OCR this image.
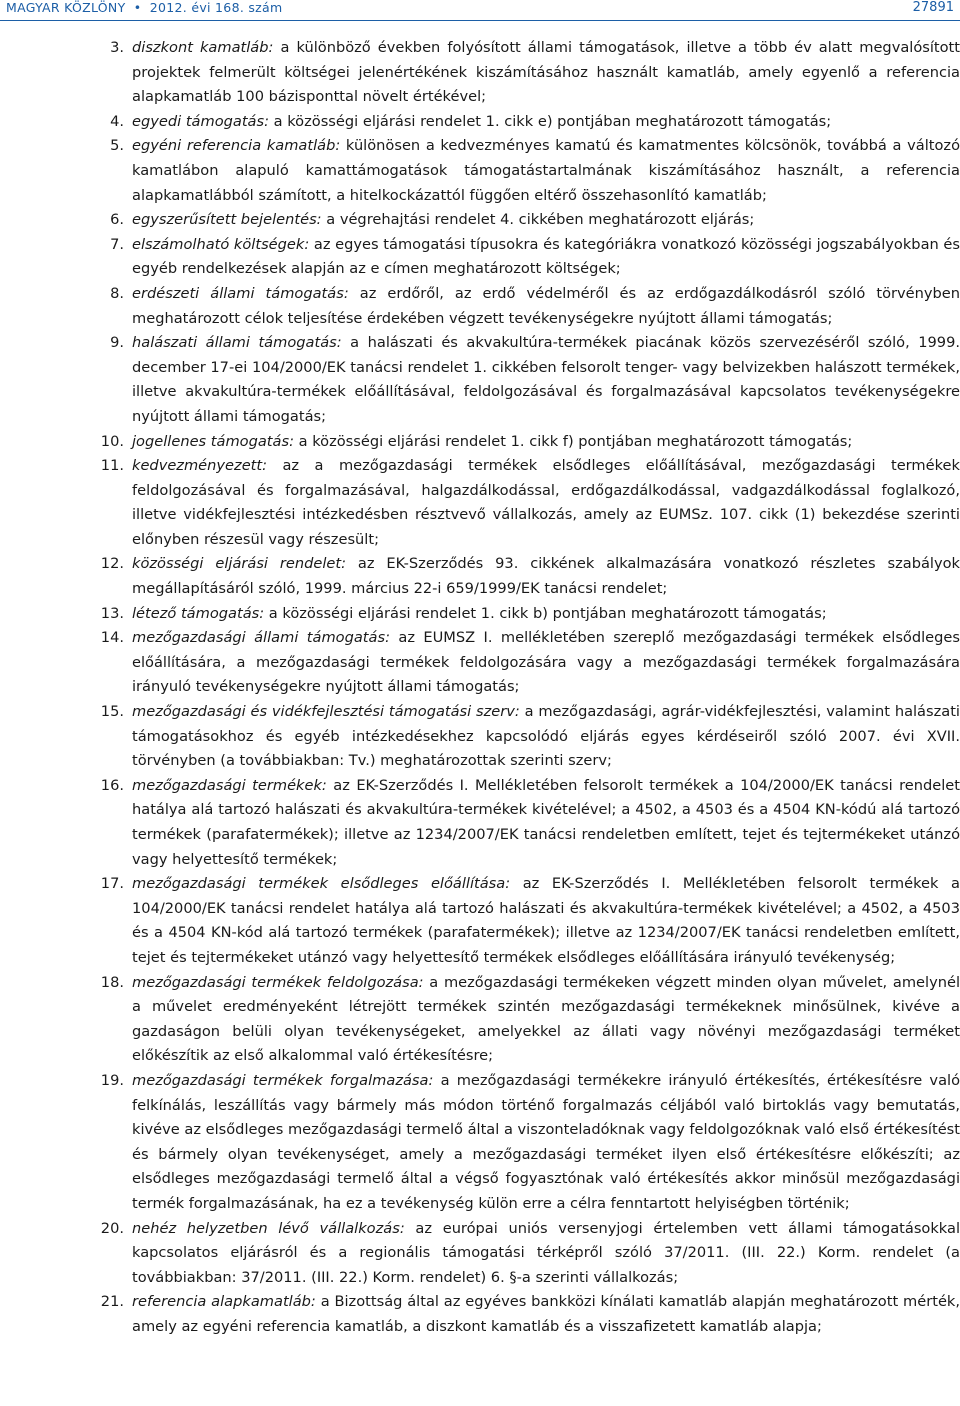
MAGYAR KÖZLÖNY • 2012. évi 168. szám	27891
3. diszkont kamatláb: a különböző években folyósított állami támogatások, illetve a több év alatt megvalósított projektek felmerült költségei jelenértékének kiszámításához használt kamatláb, amely egyenlő a referencia alapkamatláb 100 bázisponttal növelt értékével;
4. egyedi támogatás: a közösségi eljárási rendelet 1. cikk e) pontjában meghatározott támogatás;
5. egyéni referencia kamatláb: különösen a kedvezményes kamatú és kamatmentes kölcsönök, továbbá a változó kamatlábon alapuló kamattámogatások támogatástartalmának kiszámításához használt, a referencia alapkamatlábból számított, a hitelkockázattól függően eltérő összehasonlító kamatláb;
6. egyszerűsített bejelentés: a végrehajtási rendelet 4. cikkében meghatározott eljárás;
7. elszámolható költségek: az egyes támogatási típusokra és kategóriákra vonatkozó közösségi jogszabályokban és egyéb rendelkezések alapján az e címen meghatározott költségek;
8. erdészeti állami támogatás: az erdőről, az erdő védelméről és az erdőgazdálkodásról szóló törvényben meghatározott célok teljesítése érdekében végzett tevékenységekre nyújtott állami támogatás;
9. halászati állami támogatás: a halászati és akvakultúra-termékek piacának közös szervezéséről szóló, 1999. december 17-ei 104/2000/EK tanácsi rendelet 1. cikkében felsorolt tenger- vagy belvizekben halászott termékek, illetve akvakultúra-termékek előállításával, feldolgozásával és forgalmazásával kapcsolatos tevékenységekre nyújtott állami támogatás;
10. jogellenes támogatás: a közösségi eljárási rendelet 1. cikk f) pontjában meghatározott támogatás;
11. kedvezményezett: az a mezőgazdasági termékek elsődleges előállításával, mezőgazdasági termékek feldolgozásával és forgalmazásával, halgazdálkodással, erdőgazdálkodással, vadgazdálkodással foglalkozó, illetve vidékfejlesztési intézkedésben résztvevő vállalkozás, amely az EUMSz. 107. cikk (1) bekezdése szerinti előnyben részesül vagy részesült;
12. közösségi eljárási rendelet: az EK-Szerződés 93. cikkének alkalmazására vonatkozó részletes szabályok megállapításáról szóló, 1999. március 22-i 659/1999/EK tanácsi rendelet;
13. létező támogatás: a közösségi eljárási rendelet 1. cikk b) pontjában meghatározott támogatás;
14. mezőgazdasági állami támogatás: az EUMSZ I. mellékletében szereplő mezőgazdasági termékek elsődleges előállítására, a mezőgazdasági termékek feldolgozására vagy a mezőgazdasági termékek forgalmazására irányuló tevékenységekre nyújtott állami támogatás;
15. mezőgazdasági és vidékfejlesztési támogatási szerv: a mezőgazdasági, agrár-vidékfejlesztési, valamint halászati támogatásokhoz és egyéb intézkedésekhez kapcsolódó eljárás egyes kérdéseiről szóló 2007. évi XVII. törvényben (a továbbiakban: Tv.) meghatározottak szerinti szerv;
16. mezőgazdasági termékek: az EK-Szerződés I. Mellékletében felsorolt termékek a 104/2000/EK tanácsi rendelet hatálya alá tartozó halászati és akvakultúra-termékek kivételével; a 4502, a 4503 és a 4504 KN-kódú alá tartozó termékek (parafatermékek); illetve az 1234/2007/EK tanácsi rendeletben említett, tejet és tejtermékeket utánzó vagy helyettesítő termékek;
17. mezőgazdasági termékek elsődleges előállítása: az EK-Szerződés I. Mellékletében felsorolt termékek a 104/2000/EK tanácsi rendelet hatálya alá tartozó halászati és akvakultúra-termékek kivételével; a 4502, a 4503 és a 4504 KN-kód alá tartozó termékek (parafatermékek); illetve az 1234/2007/EK tanácsi rendeletben említett, tejet és tejtermékeket utánzó vagy helyettesítő termékek elsődleges előállítására irányuló tevékenység;
18. mezőgazdasági termékek feldolgozása: a mezőgazdasági termékeken végzett minden olyan művelet, amelynél a művelet eredményeként létrejött termékek szintén mezőgazdasági termékeknek minősülnek, kivéve a gazdaságon belüli olyan tevékenységeket, amelyekkel az állati vagy növényi mezőgazdasági terméket előkészítik az első alkalommal való értékesítésre;
19. mezőgazdasági termékek forgalmazása: a mezőgazdasági termékekre irányuló értékesítés, értékesítésre való felkínálás, leszállítás vagy bármely más módon történő forgalmazás céljából való birtoklás vagy bemutatás, kivéve az elsődleges mezőgazdasági termelő által a viszonteladóknak vagy feldolgozóknak való első értékesítést és bármely olyan tevékenységet, amely a mezőgazdasági terméket ilyen első értékesítésre előkészíti; az elsődleges mezőgazdasági termelő által a végső fogyasztónak való értékesítés akkor minősül mezőgazdasági termék forgalmazásának, ha ez a tevékenység külön erre a célra fenntartott helyiségben történik;
20. nehéz helyzetben lévő vállalkozás: az európai uniós versenyjogi értelemben vett állami támogatásokkal kapcsolatos eljárásról és a regionális támogatási térképről szóló 37/2011. (III. 22.) Korm. rendelet (a továbbiakban: 37/2011. (III. 22.) Korm. rendelet) 6. §-a szerinti vállalkozás;
21. referencia alapkamatláb: a Bizottság által az egyéves bankközi kínálati kamatláb alapján meghatározott mérték, amely az egyéni referencia kamatláb, a diszkont kamatláb és a visszafizetett kamatláb alapja;
